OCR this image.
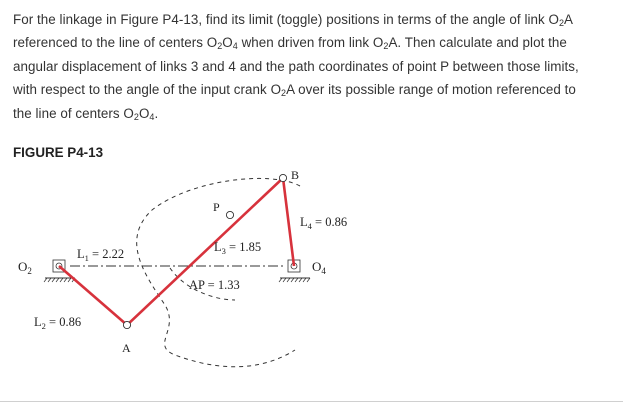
For the linkage in Figure P4-13, find its limit (toggle) positions in terms of the angle of link $O_2A$
referenced to the line of centers $O_2O_4$ when driven from link $O_2A$. Then calculate and plot the
angular displacement of links 3 and 4 and the path coordinates of point P between those limits,
with respect to the angle of the input crank $O_2A$ over its possible range of motion referenced to
the line of centers $O_2O_4$.
FIGURE P4-13
$O_2$	$O_4$
A
B
P
$L_1 = 2.22$
$L_2 = 0.86$
$L_3 = 1.85$
$L_4 = 0.86$
AP = 1.33
